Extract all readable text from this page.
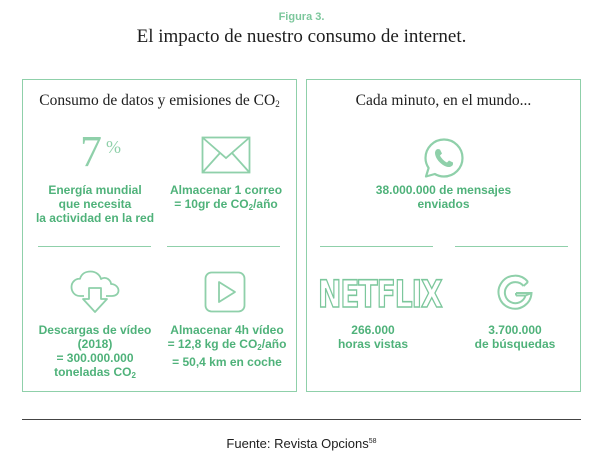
Figura 3.
El impacto de nuestro consumo de internet.
Consumo de datos y emisiones de $CO_2$
7 %
Energía mundial
que necesita
la actividad en la red
Almacenar 1 correo
= 10gr de $CO_2$/año
Descargas de vídeo
(2018)
= 300.000.000
toneladas $CO_2$
Almacenar 4h vídeo
= 12,8 kg de $CO_2$/año
= 50,4 km en coche
Cada minuto, en el mundo...
38.000.000 de mensajes
enviados
NETFLIX
266.000
horas vistas
3.700.000
de búsquedas
Fuente: Revista Opcions$^{58}$
